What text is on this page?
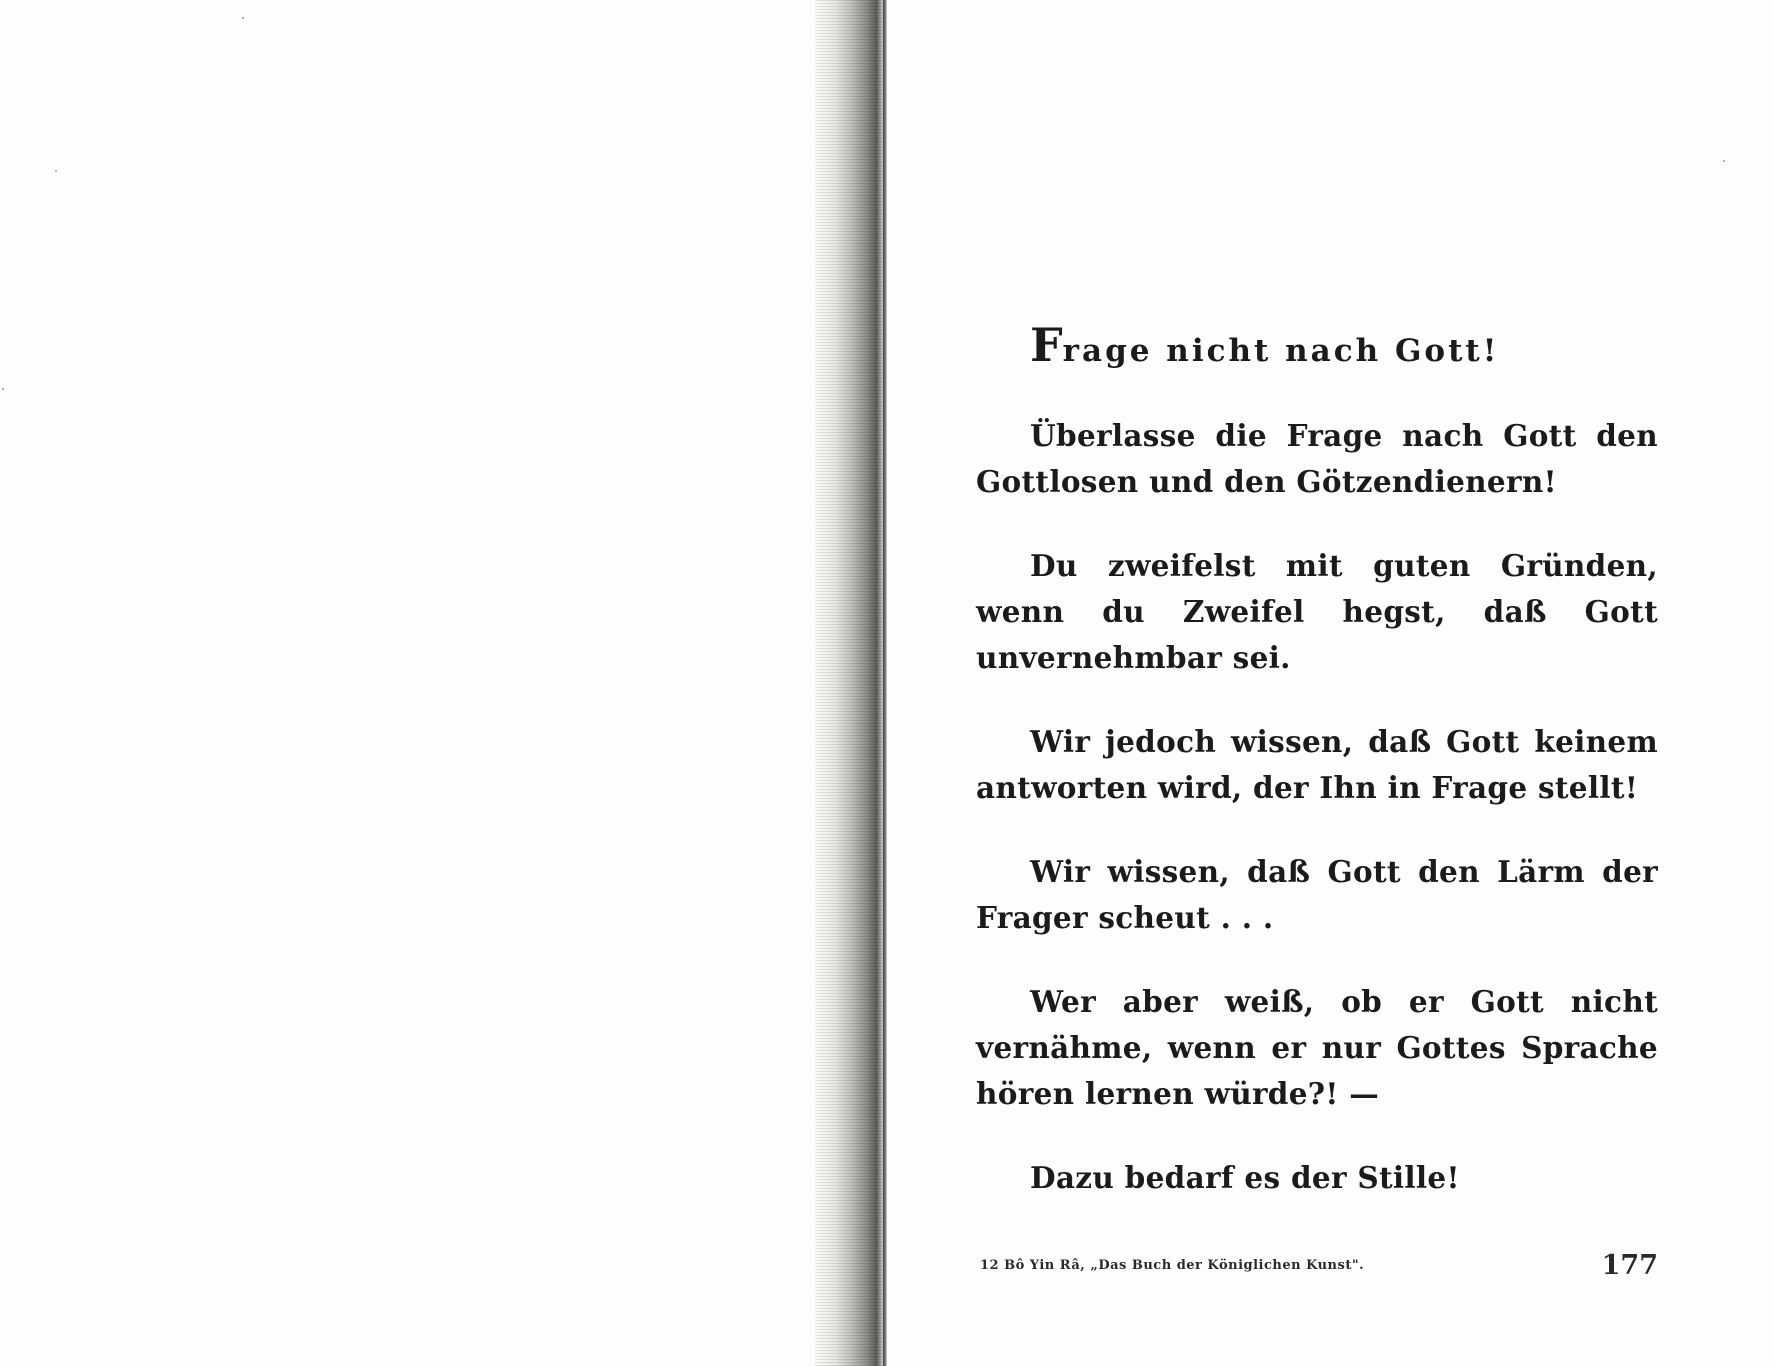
Frage nicht nach Gott!

Überlasse die Frage nach Gott den Gottlosen und den Götzendienern!

Du zweifelst mit guten Gründen, wenn du Zweifel hegst, daß Gott unvernehmbar sei.

Wir jedoch wissen, daß Gott keinem antworten wird, der Ihn in Frage stellt!

Wir wissen, daß Gott den Lärm der Frager scheut . . .

Wer aber weiß, ob er Gott nicht vernähme, wenn er nur Gottes Sprache hören lernen würde?! —

Dazu bedarf es der Stille!

12 Bô Yin Râ, „Das Buch der Königlichen Kunst".	177
